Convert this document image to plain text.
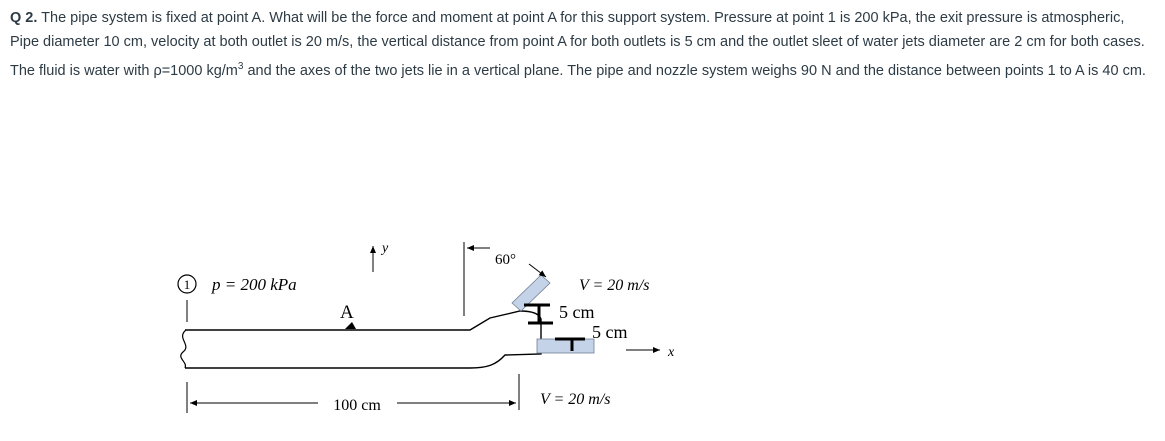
Q 2. The pipe system is fixed at point A. What will be the force and moment at point A for this support system. Pressure at point 1 is 200 kPa, the exit pressure is atmospheric, Pipe diameter 10 cm, velocity at both outlet is 20 m/s, the vertical distance from point A for both outlets is 5 cm and the outlet sleet of water jets diameter are 2 cm for both cases. The fluid is water with ρ=1000 $kg/m^3$ and the axes of the two jets lie in a vertical plane. The pipe and nozzle system weighs 90 N and the distance between points 1 to A is 40 cm.

1 p = 200 kPa
y
A
60°
5 cm
5 cm
V = 20 m/s
V = 20 m/s
x
100 cm
